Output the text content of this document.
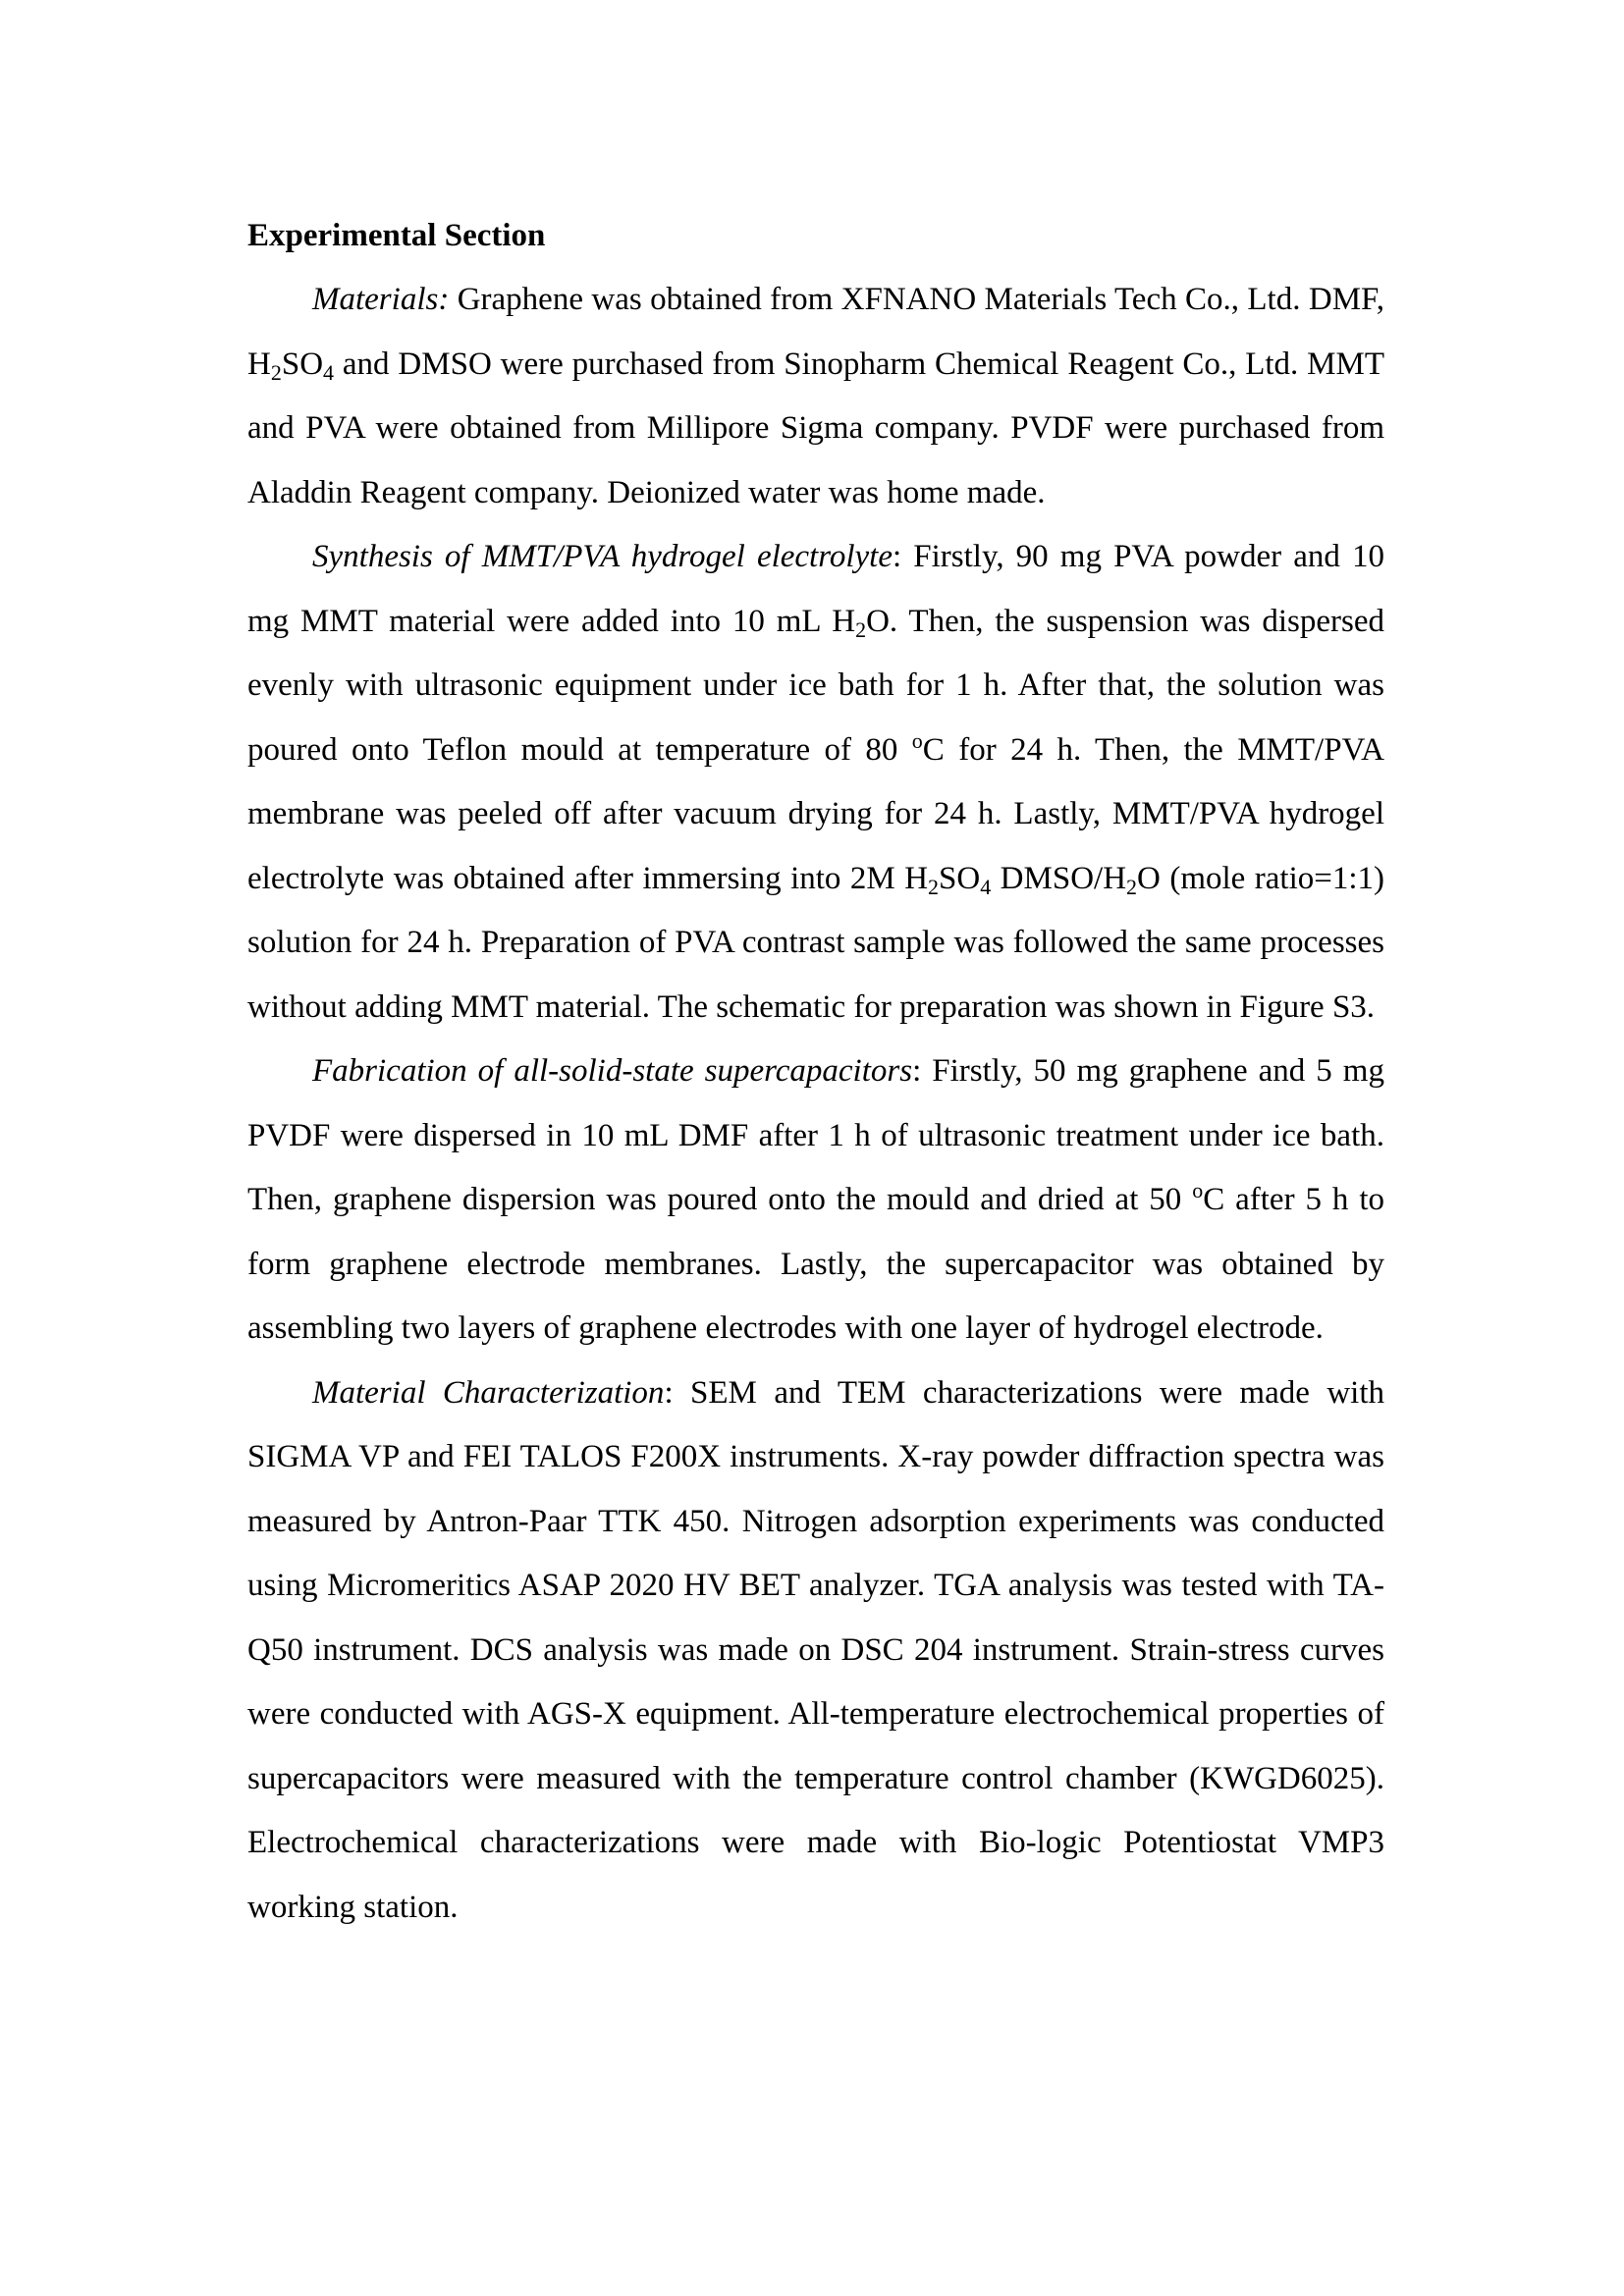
Experimental Section

Materials: Graphene was obtained from XFNANO Materials Tech Co., Ltd. DMF, $H_2SO_4$ and DMSO were purchased from Sinopharm Chemical Reagent Co., Ltd. MMT and PVA were obtained from Millipore Sigma company. PVDF were purchased from Aladdin Reagent company. Deionized water was home made.

Synthesis of MMT/PVA hydrogel electrolyte: Firstly, 90 mg PVA powder and 10 mg MMT material were added into 10 mL $H_2O$. Then, the suspension was dispersed evenly with ultrasonic equipment under ice bath for 1 h. After that, the solution was poured onto Teflon mould at temperature of 80 $^o$C for 24 h. Then, the MMT/PVA membrane was peeled off after vacuum drying for 24 h. Lastly, MMT/PVA hydrogel electrolyte was obtained after immersing into 2M $H_2SO_4$ DMSO/$H_2O$ (mole ratio=1:1) solution for 24 h. Preparation of PVA contrast sample was followed the same processes without adding MMT material. The schematic for preparation was shown in Figure S3.

Fabrication of all-solid-state supercapacitors: Firstly, 50 mg graphene and 5 mg PVDF were dispersed in 10 mL DMF after 1 h of ultrasonic treatment under ice bath. Then, graphene dispersion was poured onto the mould and dried at 50 $^o$C after 5 h to form graphene electrode membranes. Lastly, the supercapacitor was obtained by assembling two layers of graphene electrodes with one layer of hydrogel electrode.

Material Characterization: SEM and TEM characterizations were made with SIGMA VP and FEI TALOS F200X instruments. X-ray powder diffraction spectra was measured by Antron-Paar TTK 450. Nitrogen adsorption experiments was conducted using Micromeritics ASAP 2020 HV BET analyzer. TGA analysis was tested with TA-Q50 instrument. DCS analysis was made on DSC 204 instrument. Strain-stress curves were conducted with AGS-X equipment. All-temperature electrochemical properties of supercapacitors were measured with the temperature control chamber (KWGD6025). Electrochemical characterizations were made with Bio-logic Potentiostat VMP3 working station.
